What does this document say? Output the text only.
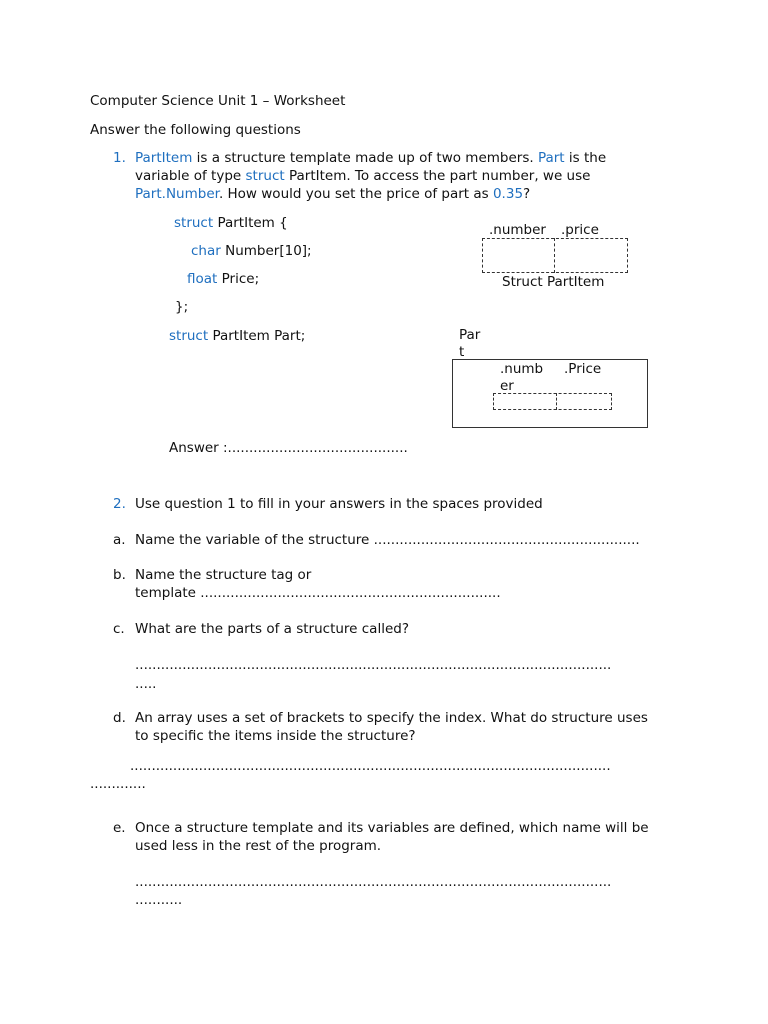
Computer Science Unit 1 – Worksheet
Answer the following questions
1. PartItem is a structure template made up of two members. Part is the
variable of type struct PartItem. To access the part number, we use
Part.Number. How would you set the price of part as 0.35?
struct PartItem {
char Number[10];
float Price;
};
struct PartItem Part;
.number .price
Struct PartItem
Par
t
.numb
er
.Price
Answer :..........................................
2. Use question 1 to fill in your answers in the spaces provided
a. Name the variable of the structure ..............................................................
b. Name the structure tag or
template ......................................................................
c. What are the parts of a structure called?
...............................................................................................................
.....
d. An array uses a set of brackets to specify the index. What do structure uses
to specific the items inside the structure?
................................................................................................................
.............
e. Once a structure template and its variables are defined, which name will be
used less in the rest of the program.
...............................................................................................................
...........
